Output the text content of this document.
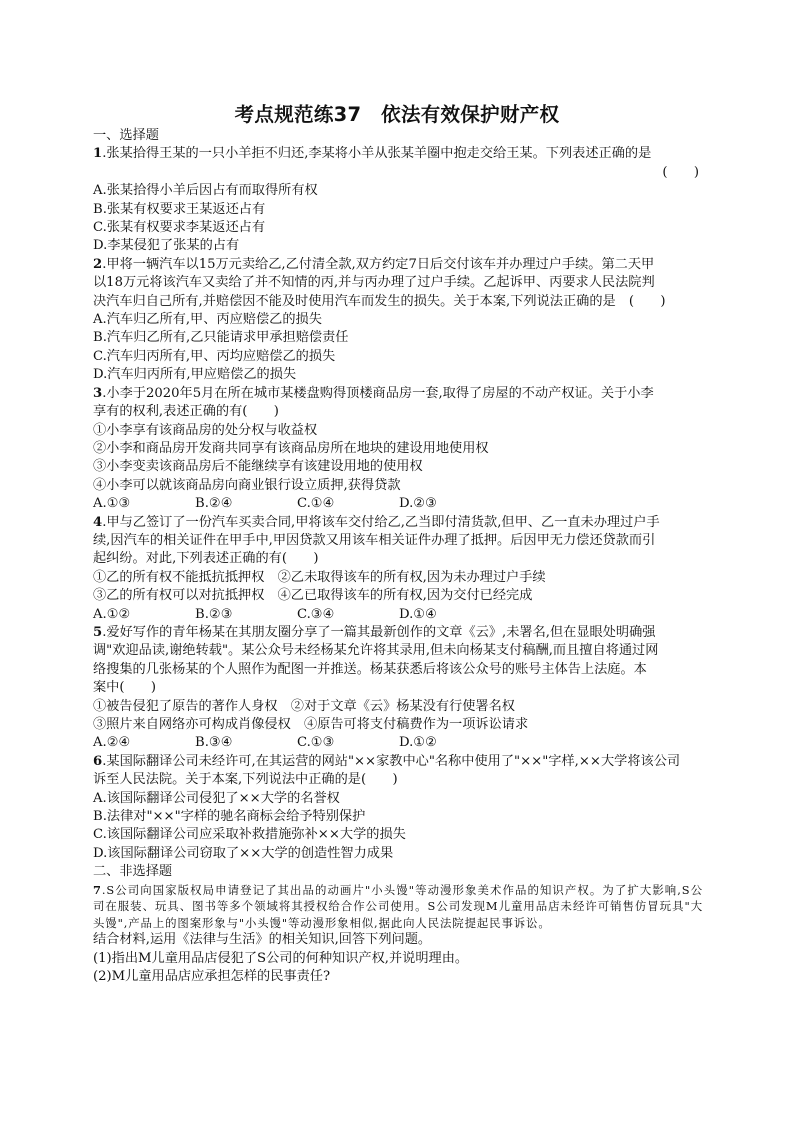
考点规范练37　依法有效保护财产权

一、选择题

1.张某拾得王某的一只小羊拒不归还,李某将小羊从张某羊圈中抱走交给王某。下列表述正确的是

(　　)

A.张某拾得小羊后因占有而取得所有权

B.张某有权要求王某返还占有

C.张某有权要求李某返还占有

D.李某侵犯了张某的占有

2.甲将一辆汽车以15万元卖给乙,乙付清全款,双方约定7日后交付该车并办理过户手续。第二天甲

以18万元将该汽车又卖给了并不知情的丙,并与丙办理了过户手续。乙起诉甲、丙要求人民法院判

决汽车归自己所有,并赔偿因不能及时使用汽车而发生的损失。关于本案,下列说法正确的是　(　　)

A.汽车归乙所有,甲、丙应赔偿乙的损失

B.汽车归乙所有,乙只能请求甲承担赔偿责任

C.汽车归丙所有,甲、丙均应赔偿乙的损失

D.汽车归丙所有,甲应赔偿乙的损失

3.小李于2020年5月在所在城市某楼盘购得顶楼商品房一套,取得了房屋的不动产权证。关于小李

享有的权利,表述正确的有(　　)

①小李享有该商品房的处分权与收益权

②小李和商品房开发商共同享有该商品房所在地块的建设用地使用权

③小李变卖该商品房后不能继续享有该建设用地的使用权

④小李可以就该商品房向商业银行设立质押,获得贷款

A.①③	B.②④	C.①④	D.②③

4.甲与乙签订了一份汽车买卖合同,甲将该车交付给乙,乙当即付清货款,但甲、乙一直未办理过户手

续,因汽车的相关证件在甲手中,甲因贷款又用该车相关证件办理了抵押。后因甲无力偿还贷款而引

起纠纷。对此,下列表述正确的有(　　)

①乙的所有权不能抵抗抵押权　②乙未取得该车的所有权,因为未办理过户手续

③乙的所有权可以对抗抵押权　④乙已取得该车的所有权,因为交付已经完成

A.①②	B.②③	C.③④	D.①④

5.爱好写作的青年杨某在其朋友圈分享了一篇其最新创作的文章《云》,未署名,但在显眼处明确强

调"欢迎品读,谢绝转载"。某公众号未经杨某允许将其录用,但未向杨某支付稿酬,而且擅自将通过网

络搜集的几张杨某的个人照作为配图一并推送。杨某获悉后将该公众号的账号主体告上法庭。本

案中(　　)

①被告侵犯了原告的著作人身权　②对于文章《云》杨某没有行使署名权

③照片来自网络亦可构成肖像侵权　④原告可将支付稿费作为一项诉讼请求

A.②④	B.③④	C.①③	D.①②

6.某国际翻译公司未经许可,在其运营的网站"××家教中心"名称中使用了"××"字样,××大学将该公司

诉至人民法院。关于本案,下列说法中正确的是(　　)

A.该国际翻译公司侵犯了××大学的名誉权

B.法律对"××"字样的驰名商标会给予特别保护

C.该国际翻译公司应采取补救措施弥补××大学的损失

D.该国际翻译公司窃取了××大学的创造性智力成果

二、非选择题

7.S公司向国家版权局申请登记了其出品的动画片"小头馒"等动漫形象美术作品的知识产权。为了扩大影响,S公司在服装、玩具、图书等多个领域将其授权给合作公司使用。S公司发现M儿童用品店未经许可销售仿冒玩具"大头馒",产品上的图案形象与"小头馒"等动漫形象相似,据此向人民法院提起民事诉讼。

结合材料,运用《法律与生活》的相关知识,回答下列问题。

(1)指出M儿童用品店侵犯了S公司的何种知识产权,并说明理由。

(2)M儿童用品店应承担怎样的民事责任?
